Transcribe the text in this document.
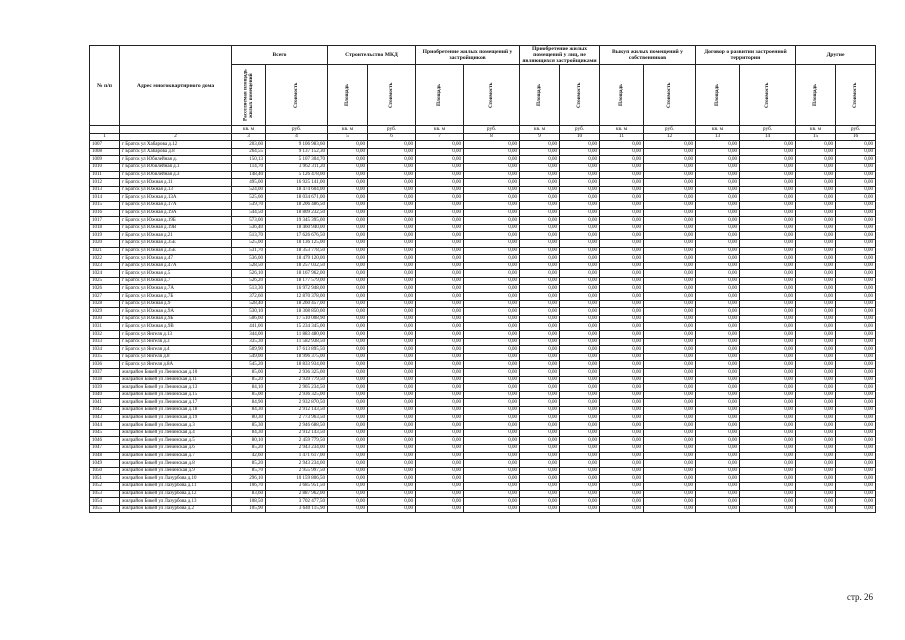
№ п/п	Адрес многоквартирного дома	Всего		Строительство МКД		Приобретение жилых помещений у застройщиков		Приобретение жилых помещений у лиц, не являющихся застройщиками		Выкуп жилых помещений у собственников		Договор о развитии застроенной территории		Другие	
		Расселяемая площадь жилых помещений	Стоимость	Площадь	Стоимость	Площадь	Стоимость	Площадь	Стоимость	Площадь	Стоимость	Площадь	Стоимость	Площадь	Стоимость
		кв. м	руб.	кв. м	руб.	кв. м	руб.	кв. м	руб.	кв. м	руб.	кв. м	руб.	кв. м	руб.
1	2	3	4	5	6	7	8	9	10	11	12	13	14	15	16
1007	г Братск ул Хабарова д.12	203,60	9 106 983,60	0,00	0,00	0,00	0,00	0,00	0,00	0,00	0,00	0,00	0,00	0,00	0,00
1008	г Братск ул Хабарова д.8	264,55	9 137 152,30	0,00	0,00	0,00	0,00	0,00	0,00	0,00	0,00	0,00	0,00	0,00	0,00
1009	г Братск ул Юбилейная д.	150,13	5 107 304,70	0,00	0,00	0,00	0,00	0,00	0,00	0,00	0,00	0,00	0,00	0,00	0,00
1010	г Братск ул Юбилейная д.1	114,70	3 962 311,20	0,00	0,00	0,00	0,00	0,00	0,00	0,00	0,00	0,00	0,00	0,00	0,00
1011	г Братск ул Юбилейная д.3	148,40	5 126 478,00	0,00	0,00	0,00	0,00	0,00	0,00	0,00	0,00	0,00	0,00	0,00	0,00
1012	г Братск ул Южная д.11	495,00	16 925 141,00	0,00	0,00	0,00	0,00	0,00	0,00	0,00	0,00	0,00	0,00	0,00	0,00
1013	г Братск ул Южная д.13	524,00	18 474 604,00	0,00	0,00	0,00	0,00	0,00	0,00	0,00	0,00	0,00	0,00	0,00	0,00
1014	г Братск ул Южная д.13А	525,00	18 034 671,00	0,00	0,00	0,00	0,00	0,00	0,00	0,00	0,00	0,00	0,00	0,00	0,00
1015	г Братск ул Южная д.17А	539,70	18 206 486,50	0,00	0,00	0,00	0,00	0,00	0,00	0,00	0,00	0,00	0,00	0,00	0,00
1016	г Братск ул Южная д.19А	544,50	18 809 232,50	0,00	0,00	0,00	0,00	0,00	0,00	0,00	0,00	0,00	0,00	0,00	0,00
1017	г Братск ул Южная д.19Б	573,00	19 345 395,00	0,00	0,00	0,00	0,00	0,00	0,00	0,00	0,00	0,00	0,00	0,00	0,00
1018	г Братск ул Южная д.19В	536,40	18 460 940,00	0,00	0,00	0,00	0,00	0,00	0,00	0,00	0,00	0,00	0,00	0,00	0,00
1019	г Братск ул Южная д.21	513,70	17 626 676,50	0,00	0,00	0,00	0,00	0,00	0,00	0,00	0,00	0,00	0,00	0,00	0,00
1020	г Братск ул Южная д.35Е	525,00	18 136 125,00	0,00	0,00	0,00	0,00	0,00	0,00	0,00	0,00	0,00	0,00	0,00	0,00
1021	г Братск ул Южная д.35Е	531,70	18 353 778,50	0,00	0,00	0,00	0,00	0,00	0,00	0,00	0,00	0,00	0,00	0,00	0,00
1022	г Братск ул Южная д.47	536,00	18 479 120,00	0,00	0,00	0,00	0,00	0,00	0,00	0,00	0,00	0,00	0,00	0,00	0,00
1023	г Братск ул Южная д.47А	528,50	18 257 032,50	0,00	0,00	0,00	0,00	0,00	0,00	0,00	0,00	0,00	0,00	0,00	0,00
1024	г Братск ул Южная д.5	526,10	18 167 962,00	0,00	0,00	0,00	0,00	0,00	0,00	0,00	0,00	0,00	0,00	0,00	0,00
1025	г Братск ул Южная д.7	526,20	18 177 579,00	0,00	0,00	0,00	0,00	0,00	0,00	0,00	0,00	0,00	0,00	0,00	0,00
1026	г Братск ул Южная д.7А	513,30	16 972 948,00	0,00	0,00	0,00	0,00	0,00	0,00	0,00	0,00	0,00	0,00	0,00	0,00
1027	г Братск ул Южная д.7Б	372,60	12 870 378,00	0,00	0,00	0,00	0,00	0,00	0,00	0,00	0,00	0,00	0,00	0,00	0,00
1028	г Братск ул Южная д.9	528,40	18 260 457,00	0,00	0,00	0,00	0,00	0,00	0,00	0,00	0,00	0,00	0,00	0,00	0,00
1029	г Братск ул Южная д.9А	530,10	18 308 850,00	0,00	0,00	0,00	0,00	0,00	0,00	0,00	0,00	0,00	0,00	0,00	0,00
1030	г Братск ул Южная д.9Б	506,60	17 510 008,90	0,00	0,00	0,00	0,00	0,00	0,00	0,00	0,00	0,00	0,00	0,00	0,00
1031	г Братск ул Южная д.9В	441,00	15 234 345,00	0,00	0,00	0,00	0,00	0,00	0,00	0,00	0,00	0,00	0,00	0,00	0,00
1032	г Братск ул Янгеля д.13	344,00	11 883 480,00	0,00	0,00	0,00	0,00	0,00	0,00	0,00	0,00	0,00	0,00	0,00	0,00
1033	г Братск ул Янгеля д.3	335,30	11 582 938,50	0,00	0,00	0,00	0,00	0,00	0,00	0,00	0,00	0,00	0,00	0,00	0,00
1034	г Братск ул Янгеля д.4	509,90	17 613 895,50	0,00	0,00	0,00	0,00	0,00	0,00	0,00	0,00	0,00	0,00	0,00	0,00
1035	г Братск ул Янгеля д.8	549,00	18 996 375,00	0,00	0,00	0,00	0,00	0,00	0,00	0,00	0,00	0,00	0,00	0,00	0,00
1036	г Братск ул Янгеля д.8А	545,20	18 833 934,00	0,00	0,00	0,00	0,00	0,00	0,00	0,00	0,00	0,00	0,00	0,00	0,00
1037	жилрайон Бикей ул Ленинская д.10	85,00	2 936 325,00	0,00	0,00	0,00	0,00	0,00	0,00	0,00	0,00	0,00	0,00	0,00	0,00
1038	жилрайон Бикей ул Ленинская д.11	85,20	2 939 779,50	0,00	0,00	0,00	0,00	0,00	0,00	0,00	0,00	0,00	0,00	0,00	0,00
1039	жилрайон Бикей ул Ленинская д.13	84,10	2 905 234,50	0,00	0,00	0,00	0,00	0,00	0,00	0,00	0,00	0,00	0,00	0,00	0,00
1040	жилрайон Бикей ул Ленинская д.15	85,00	2 936 325,00	0,00	0,00	0,00	0,00	0,00	0,00	0,00	0,00	0,00	0,00	0,00	0,00
1041	жилрайон Бикей ул Ленинская д.17	84,90	2 932 870,50	0,00	0,00	0,00	0,00	0,00	0,00	0,00	0,00	0,00	0,00	0,00	0,00
1042	жилрайон Бикей ул Ленинская д.18	84,30	2 912 143,50	0,00	0,00	0,00	0,00	0,00	0,00	0,00	0,00	0,00	0,00	0,00	0,00
1043	жилрайон Бикей ул Ленинская д.19	80,30	2 773 963,50	0,00	0,00	0,00	0,00	0,00	0,00	0,00	0,00	0,00	0,00	0,00	0,00
1044	жилрайон Бикей ул Ленинская д.3	85,30	2 946 688,50	0,00	0,00	0,00	0,00	0,00	0,00	0,00	0,00	0,00	0,00	0,00	0,00
1045	жилрайон Бикей ул Ленинская д.4	84,30	2 912 143,50	0,00	0,00	0,00	0,00	0,00	0,00	0,00	0,00	0,00	0,00	0,00	0,00
1046	жилрайон Бикей ул Ленинская д.5	80,10	2 459 779,50	0,00	0,00	0,00	0,00	0,00	0,00	0,00	0,00	0,00	0,00	0,00	0,00
1047	жилрайон Бикей ул Ленинская д.6	85,20	2 943 234,00	0,00	0,00	0,00	0,00	0,00	0,00	0,00	0,00	0,00	0,00	0,00	0,00
1048	жилрайон Бикей ул Ленинская д.7	42,60	1 471 617,00	0,00	0,00	0,00	0,00	0,00	0,00	0,00	0,00	0,00	0,00	0,00	0,00
1049	жилрайон Бикей ул Ленинская д.8	85,20	2 943 234,00	0,00	0,00	0,00	0,00	0,00	0,00	0,00	0,00	0,00	0,00	0,00	0,00
1050	жилрайон Бикей ул Ленинская д.9	85,70	2 955 997,50	0,00	0,00	0,00	0,00	0,00	0,00	0,00	0,00	0,00	0,00	0,00	0,00
1051	жилрайон Бикей ул Лазурбова д.10	296,10	10 159 806,50	0,00	0,00	0,00	0,00	0,00	0,00	0,00	0,00	0,00	0,00	0,00	0,00
1052	жилрайон Бикей ул Лазурбова д.11	106,70	3 685 951,50	0,00	0,00	0,00	0,00	0,00	0,00	0,00	0,00	0,00	0,00	0,00	0,00
1053	жилрайон Бикей ул Лазурбова д.12	83,60	2 887 962,00	0,00	0,00	0,00	0,00	0,00	0,00	0,00	0,00	0,00	0,00	0,00	0,00
1054	жилрайон Бикей ул Лазурбова д.13	108,50	3 702 477,50	0,00	0,00	0,00	0,00	0,00	0,00	0,00	0,00	0,00	0,00	0,00	0,00
1055	жилрайон Бикей ул Лазурбова д.2	105,90	3 640 115,90	0,00	0,00	0,00	0,00	0,00	0,00	0,00	0,00	0,00	0,00	0,00	0,00
стр. 26
